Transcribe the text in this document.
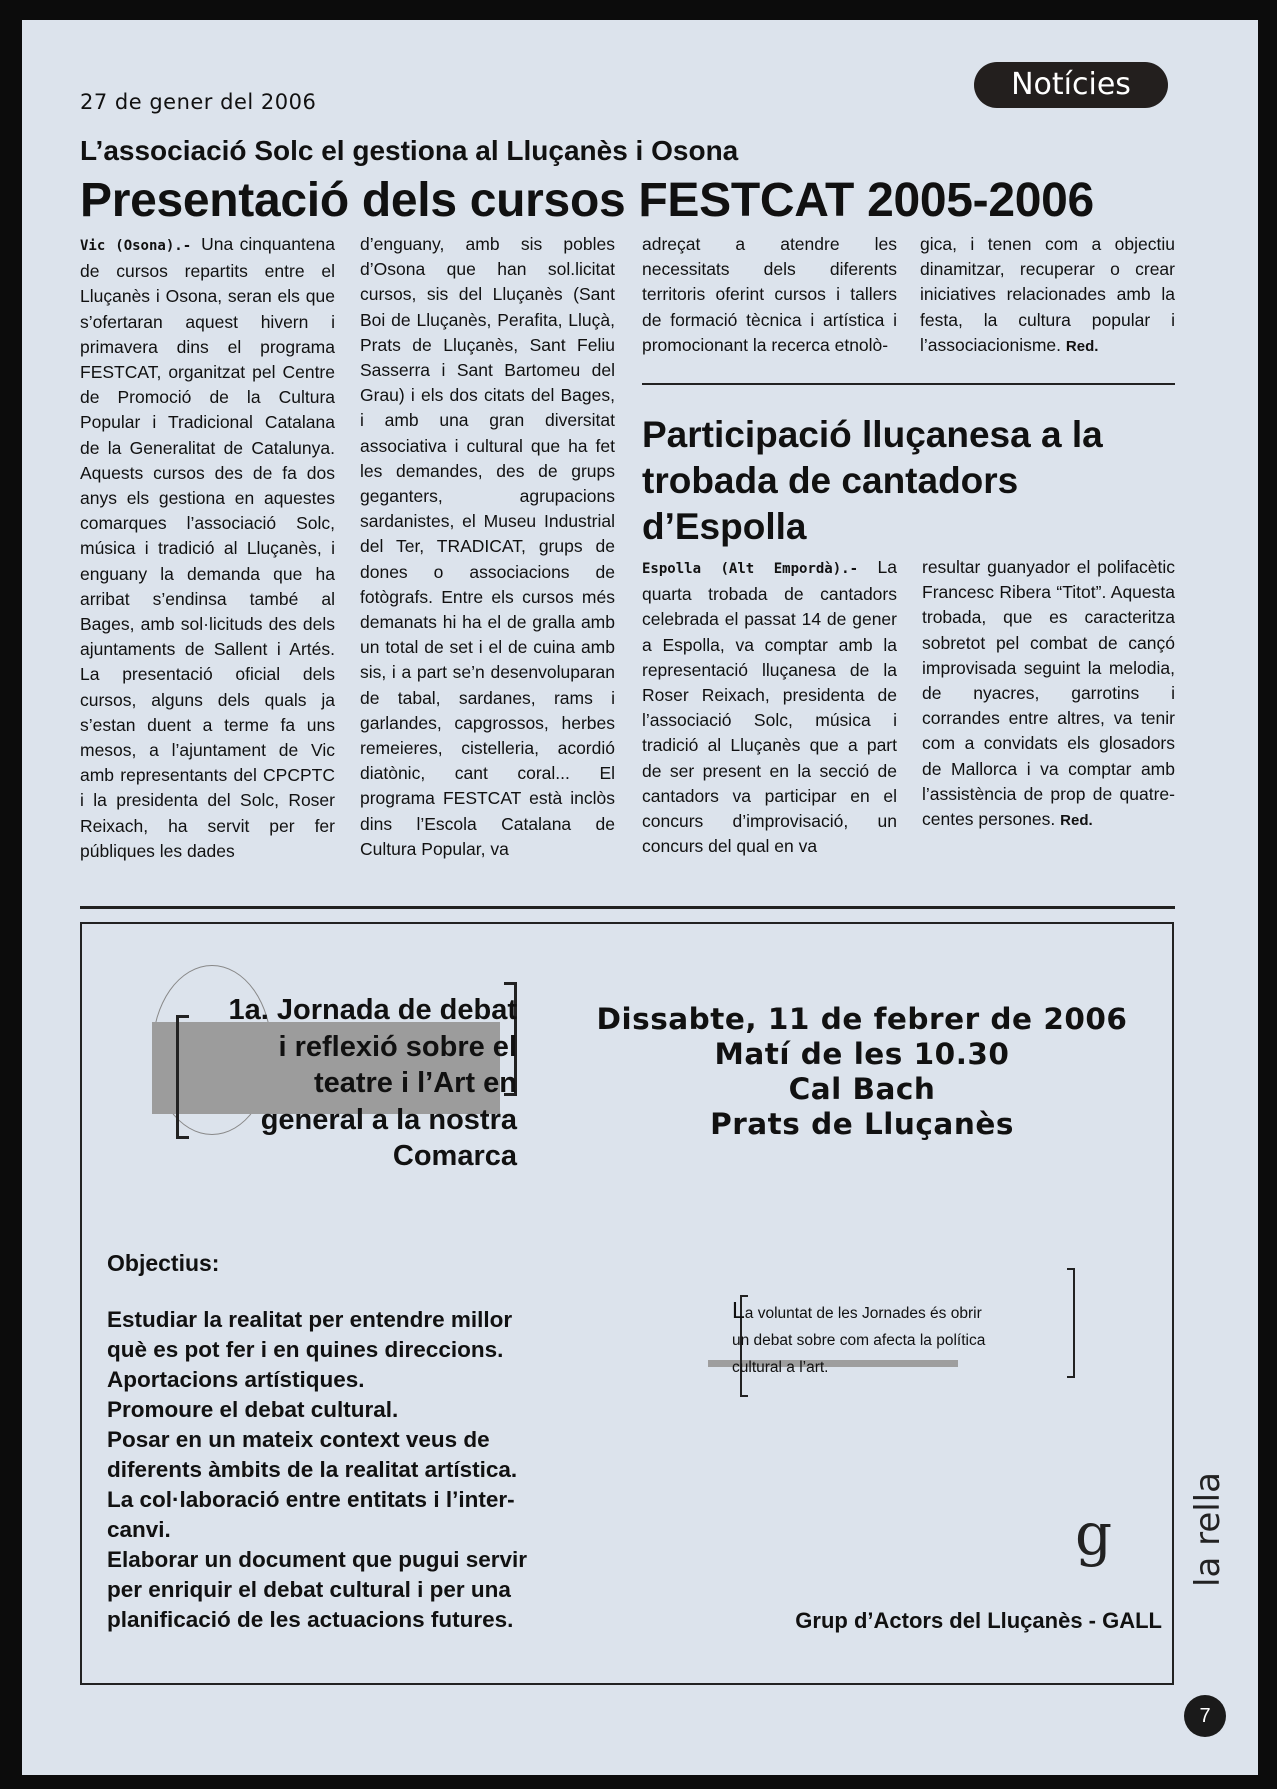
27 de gener del 2006	Notícies
L’associació Solc el gestiona al Lluçanès i Osona
Presentació dels cursos FESTCAT 2005-2006
Vic (Osona).- Una cinquantena de cursos repartits entre el Lluçanès i Osona, seran els que s’ofertaran aquest hivern i primavera dins el programa FESTCAT, organitzat pel Centre de Promoció de la Cultura Popular i Tradicional Catalana de la Generalitat de Catalunya. Aquests cursos des de fa dos anys els gestiona en aquestes comarques l’associació Solc, música i tradició al Lluçanès, i enguany la demanda que ha arribat s’endinsa també al Bages, amb sol·licituds des dels ajuntaments de Sallent i Artés. La presentació oficial dels cursos, alguns dels quals ja s’estan duent a terme fa uns mesos, a l’ajuntament de Vic amb representants del CPCPTC i la presidenta del Solc, Roser Reixach, ha servit per fer públiques les dades
d’enguany, amb sis pobles d’Osona que han sol.licitat cursos, sis del Lluçanès (Sant Boi de Lluçanès, Perafita, Lluçà, Prats de Lluçanès, Sant Feliu Sasserra i Sant Bartomeu del Grau) i els dos citats del Bages, i amb una gran diversitat associativa i cultural que ha fet les demandes, des de grups geganters, agrupacions sardanistes, el Museu Industrial del Ter, TRADICAT, grups de dones o associacions de fotògrafs. Entre els cursos més demanats hi ha el de gralla amb un total de set i el de cuina amb sis, i a part se’n desenvoluparan de tabal, sardanes, rams i garlandes, capgrossos, herbes remeieres, cistelleria, acordió diatònic, cant coral... El programa FESTCAT està inclòs dins l’Escola Catalana de Cultura Popular, va
adreçat a atendre les necessitats dels diferents territoris oferint cursos i tallers de formació tècnica i artística i promocionant la recerca etnolò-
gica, i tenen com a objectiu dinamitzar, recuperar o crear iniciatives relacionades amb la festa, la cultura popular i l’associacionisme. Red.
Participació lluçanesa a la trobada de cantadors d’Espolla
Espolla (Alt Empordà).- La quarta trobada de cantadors celebrada el passat 14 de gener a Espolla, va comptar amb la representació lluçanesa de la Roser Reixach, presidenta de l’associació Solc, música i tradició al Lluçanès que a part de ser present en la secció de cantadors va participar en el concurs d’improvisació, un concurs del qual en va
resultar guanyador el polifacètic Francesc Ribera “Titot”. Aquesta trobada, que es caracteritza sobretot pel combat de cançó improvisada seguint la melodia, de nyacres, garrotins i corrandes entre altres, va tenir com a convidats els glosadors de Mallorca i va comptar amb l’assistència de prop de quatre-centes persones. Red.
1a. Jornada de debat
i reflexió sobre el
teatre i l’Art en
general a la nostra
Comarca
Dissabte, 11 de febrer de 2006
Matí de les 10.30
Cal Bach
Prats de Lluçanès
Objectius:
Estudiar la realitat per entendre millor
què es pot fer i en quines direccions.
Aportacions artístiques.
Promoure el debat cultural.
Posar en un mateix context veus de
diferents àmbits de la realitat artística.
La col·laboració entre entitats i l’inter-
canvi.
Elaborar un document que pugui servir
per enriquir el debat cultural i per una
planificació de les actuacions futures.
La voluntat de les Jornades és obrir
un debat sobre com afecta la política
cultural a l’art.
g
Grup d’Actors del Lluçanès - GALL
la rella
7
